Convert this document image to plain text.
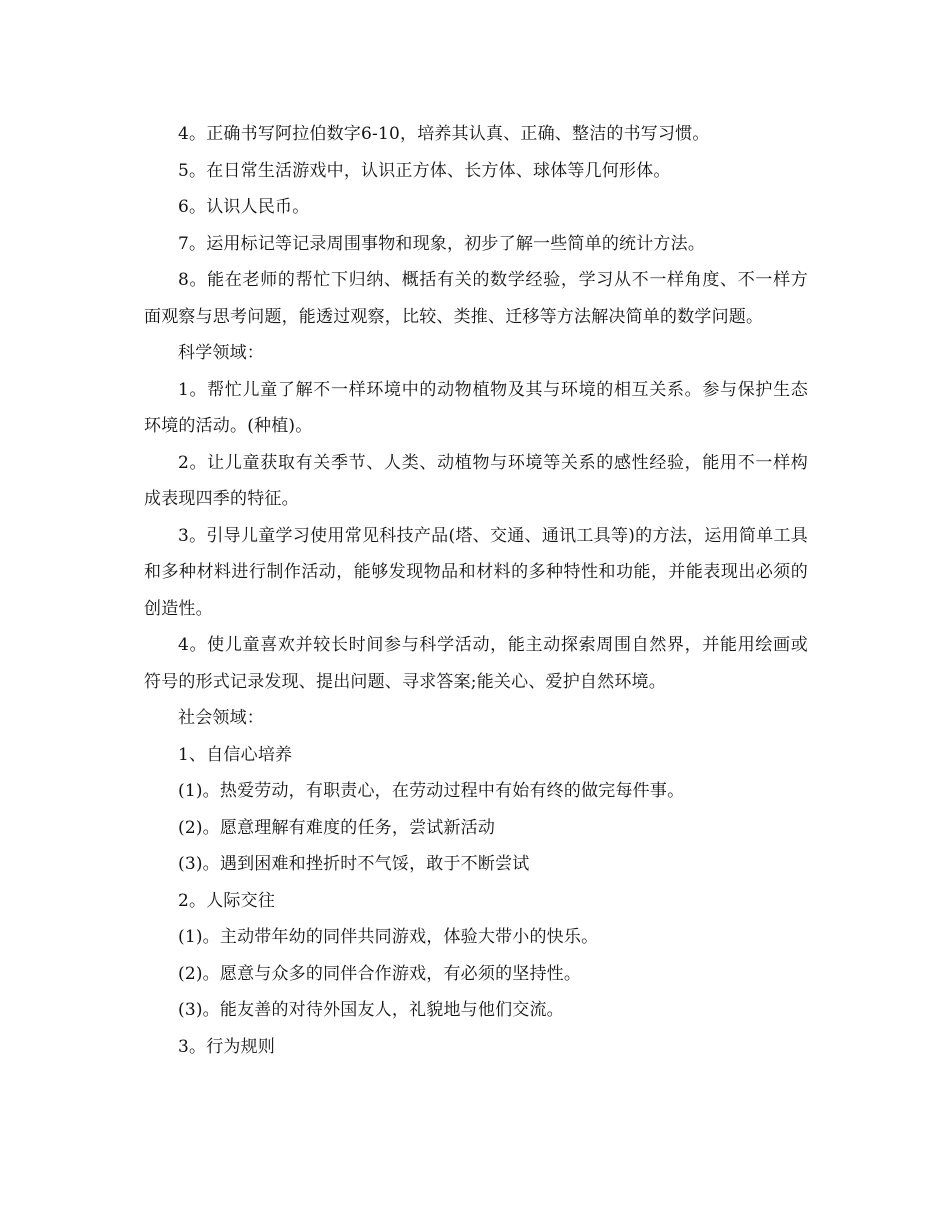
4。正确书写阿拉伯数字6-10，培养其认真、正确、整洁的书写习惯。

5。在日常生活游戏中，认识正方体、长方体、球体等几何形体。

6。认识人民币。

7。运用标记等记录周围事物和现象，初步了解一些简单的统计方法。

8。能在老师的帮忙下归纳、概括有关的数学经验，学习从不一样角度、不一样方面观察与思考问题，能透过观察，比较、类推、迁移等方法解决简单的数学问题。

科学领域：

1。帮忙儿童了解不一样环境中的动物植物及其与环境的相互关系。参与保护生态环境的活动。(种植)。

2。让儿童获取有关季节、人类、动植物与环境等关系的感性经验，能用不一样构成表现四季的特征。

3。引导儿童学习使用常见科技产品(塔、交通、通讯工具等)的方法，运用简单工具和多种材料进行制作活动，能够发现物品和材料的多种特性和功能，并能表现出必须的创造性。

4。使儿童喜欢并较长时间参与科学活动，能主动探索周围自然界，并能用绘画或符号的形式记录发现、提出问题、寻求答案;能关心、爱护自然环境。

社会领域：

1、自信心培养

(1)。热爱劳动，有职责心，在劳动过程中有始有终的做完每件事。

(2)。愿意理解有难度的任务，尝试新活动

(3)。遇到困难和挫折时不气馁，敢于不断尝试

2。人际交往

(1)。主动带年幼的同伴共同游戏，体验大带小的快乐。

(2)。愿意与众多的同伴合作游戏，有必须的坚持性。

(3)。能友善的对待外国友人，礼貌地与他们交流。

3。行为规则
